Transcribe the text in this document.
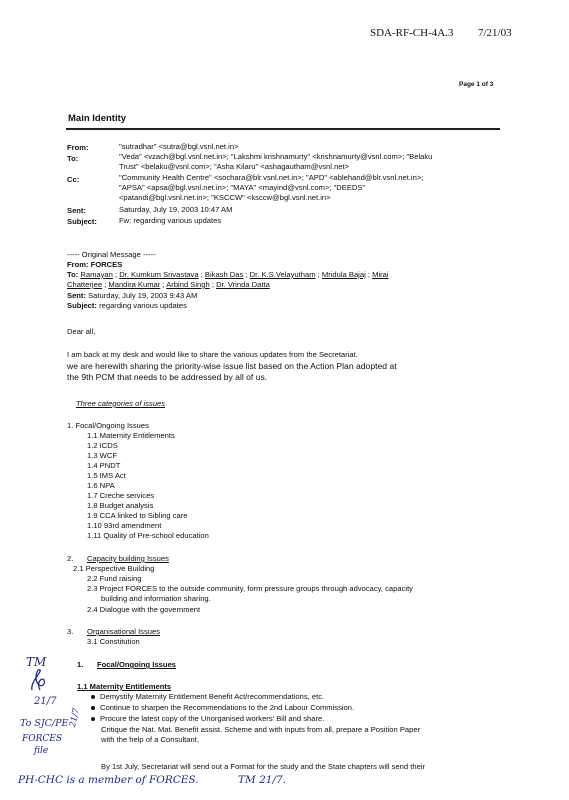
SDA-RF-CH-4A.3 7/21/03
Page 1 of 3
Main Identity
From:	"sutradhar" <sutra@bgl.vsnl.net.in>
To:	"Veda" <vzach@bgl.vsnl.net.in>; "Lakshmi krishnamurty" <krishnamurty@vsnl.com>; "Belaku
Trust" <belaku@vsnl.com>; "Asha Kilaru" <ashagautham@vsnl.net>
Cc:	"Community Health Centre" <sochara@blr.vsnl.net.in>; "APD" <ablehand@blr.vsnl.net.in>;
"APSA" <apsa@bgl.vsnl.net.in>; "MAYA" <mayind@vsnl.com>; "DEEDS"
<patandi@bgl.vsnl.net.in>; "KSCCW" <ksccw@bgl.vsnl.net.in>
Sent:	Saturday, July 19, 2003 10:47 AM
Subject:	Fw: regarding various updates
----- Original Message -----
From: FORCES
To: Ramayan ; Dr. Kumkum Srivastava ; Bikash Das ; Dr. K.S.Velayutham ; Mridula Bajaj ; Mirai
Chatterjee ; Mandira Kumar ; Arbind Singh ; Dr. Vrinda Datta
Sent: Saturday, July 19, 2003 9:43 AM
Subject: regarding various updates
Dear all,
I am back at my desk and would like to share the various updates from the Secretariat.
we are herewith sharing the priority-wise issue list based on the Action Plan adopted at
the 9th PCM that needs to be addressed by all of us.
Three categories of issues
1. Focal/Ongoing Issues
1.1 Maternity Entitlements
1.2 ICDS
1.3 WCF
1.4 PNDT
1.5 IMS Act
1.6 NPA
1.7 Creche services
1.8 Budget analysis
1.9 CCA linked to Sibling care
1.10 93rd amendment
1.11 Quality of Pre-school education
2. Capacity building Issues
2.1 Perspective Building
2.2 Fund raising
2.3 Project FORCES to the outside community, form pressure groups through advocacy, capacity
building and information sharing.
2.4 Dialogue with the government
3. Organisational Issues
3.1 Constitution
1. Focal/Ongoing Issues
1.1 Maternity Entitlements
Demystify Maternity Entitlement Benefit Act/recommendations, etc.
Continue to sharpen the Recommendations to the 2nd Labour Commission.
Procure the latest copy of the Unorganised workers' Bill and share.
Critique the Nat. Mat. Benefit assist. Scheme and with inputs from all, prepare a Position Paper
with the help of a Consultant.
By 1st July, Secretariat will send out a Format for the study and the State chapters will send their
TM
21/7
To SJC/PE
FORCES
file
21/7
PH-CHC is a member of FORCES.	TM 21/7.
